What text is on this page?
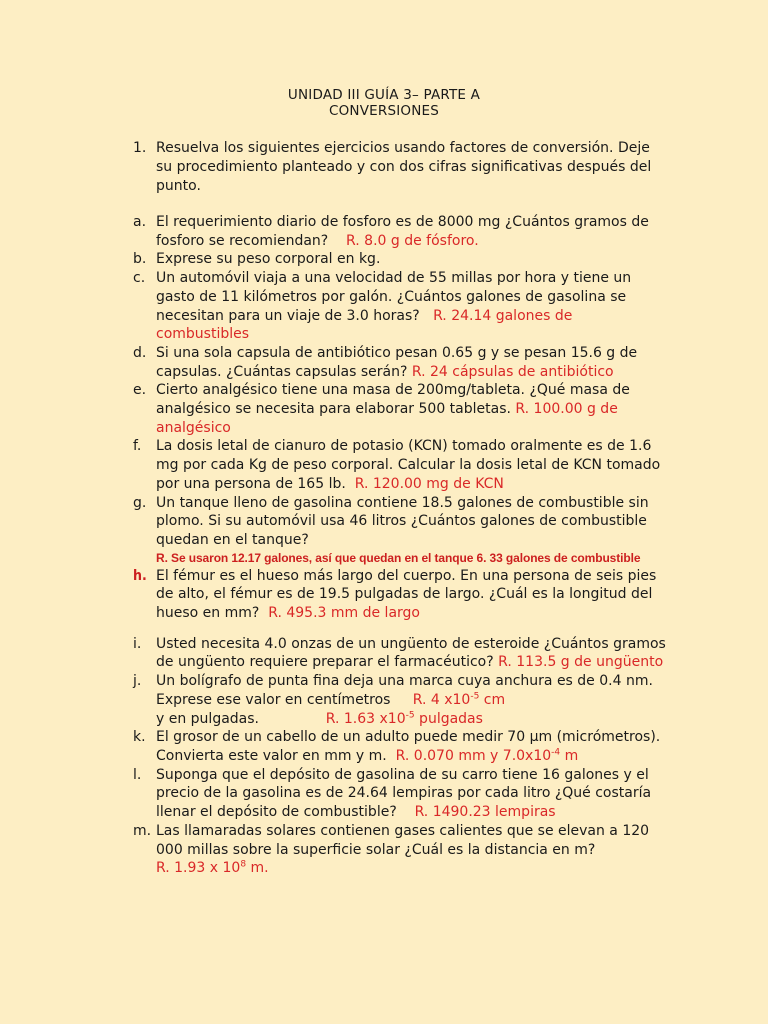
UNIDAD III GUÍA 3– PARTE A
CONVERSIONES
1. Resuelva los siguientes ejercicios usando factores de conversión. Deje su procedimiento planteado y con dos cifras significativas después del punto.

a. El requerimiento diario de fosforo es de 8000 mg ¿Cuántos gramos de fosforo se recomiendan? R. 8.0 g de fósforo.

b. Exprese su peso corporal en kg.

c. Un automóvil viaja a una velocidad de 55 millas por hora y tiene un gasto de 11 kilómetros por galón. ¿Cuántos galones de gasolina se necesitan para un viaje de 3.0 horas? R. 24.14 galones de combustibles

d. Si una sola capsula de antibiótico pesan 0.65 g y se pesan 15.6 g de capsulas. ¿Cuántas capsulas serán? R. 24 cápsulas de antibiótico

e. Cierto analgésico tiene una masa de 200mg/tableta. ¿Qué masa de analgésico se necesita para elaborar 500 tabletas. R. 100.00 g de analgésico

f. La dosis letal de cianuro de potasio (KCN) tomado oralmente es de 1.6 mg por cada Kg de peso corporal. Calcular la dosis letal de KCN tomado por una persona de 165 lb. R. 120.00 mg de KCN

g. Un tanque lleno de gasolina contiene 18.5 galones de combustible sin plomo. Si su automóvil usa 46 litros ¿Cuántos galones de combustible quedan en el tanque?

R. Se usaron 12.17 galones, así que quedan en el tanque 6. 33 galones de combustible

h. El fémur es el hueso más largo del cuerpo. En una persona de seis pies de alto, el fémur es de 19.5 pulgadas de largo. ¿Cuál es la longitud del hueso en mm? R. 495.3 mm de largo

i. Usted necesita 4.0 onzas de un ungüento de esteroide ¿Cuántos gramos de ungüento requiere preparar el farmacéutico? R. 113.5 g de ungüento

j. Un bolígrafo de punta fina deja una marca cuya anchura es de 0.4 nm. Exprese ese valor en centímetros R. 4 $x10^{-5}$ cm
y en pulgadas.	R. 1.63 $x10^{-5}$ pulgadas

k. El grosor de un cabello de un adulto puede medir 70 µm (micrómetros). Convierta este valor en mm y m. R. 0.070 mm y $7.0x10^{-4}$ m

l. Suponga que el depósito de gasolina de su carro tiene 16 galones y el precio de la gasolina es de 24.64 lempiras por cada litro ¿Qué costaría llenar el depósito de combustible? R. 1490.23 lempiras

m. Las llamaradas solares contienen gases calientes que se elevan a 120 000 millas sobre la superficie solar ¿Cuál es la distancia en m?
R. 1.93 x $10^8$ m.
